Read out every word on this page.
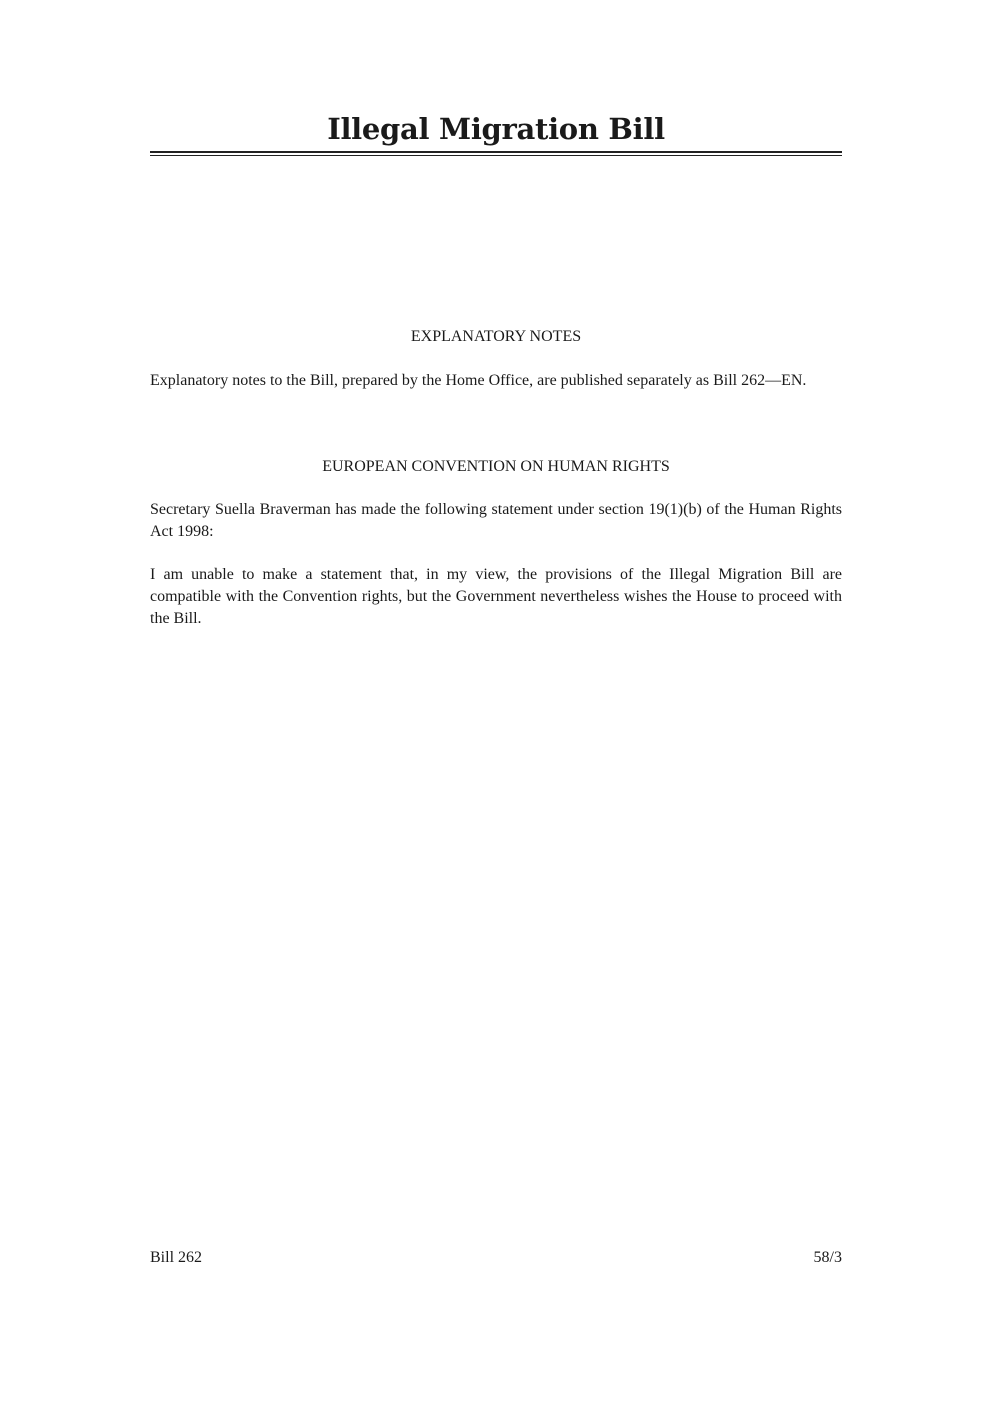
Illegal Migration Bill
EXPLANATORY NOTES

Explanatory notes to the Bill, prepared by the Home Office, are published separately as Bill 262—EN.

EUROPEAN CONVENTION ON HUMAN RIGHTS

Secretary Suella Braverman has made the following statement under section 19(1)(b) of the Human Rights Act 1998:

I am unable to make a statement that, in my view, the provisions of the Illegal Migration Bill are compatible with the Convention rights, but the Government nevertheless wishes the House to proceed with the Bill.

Bill 262	58/3
